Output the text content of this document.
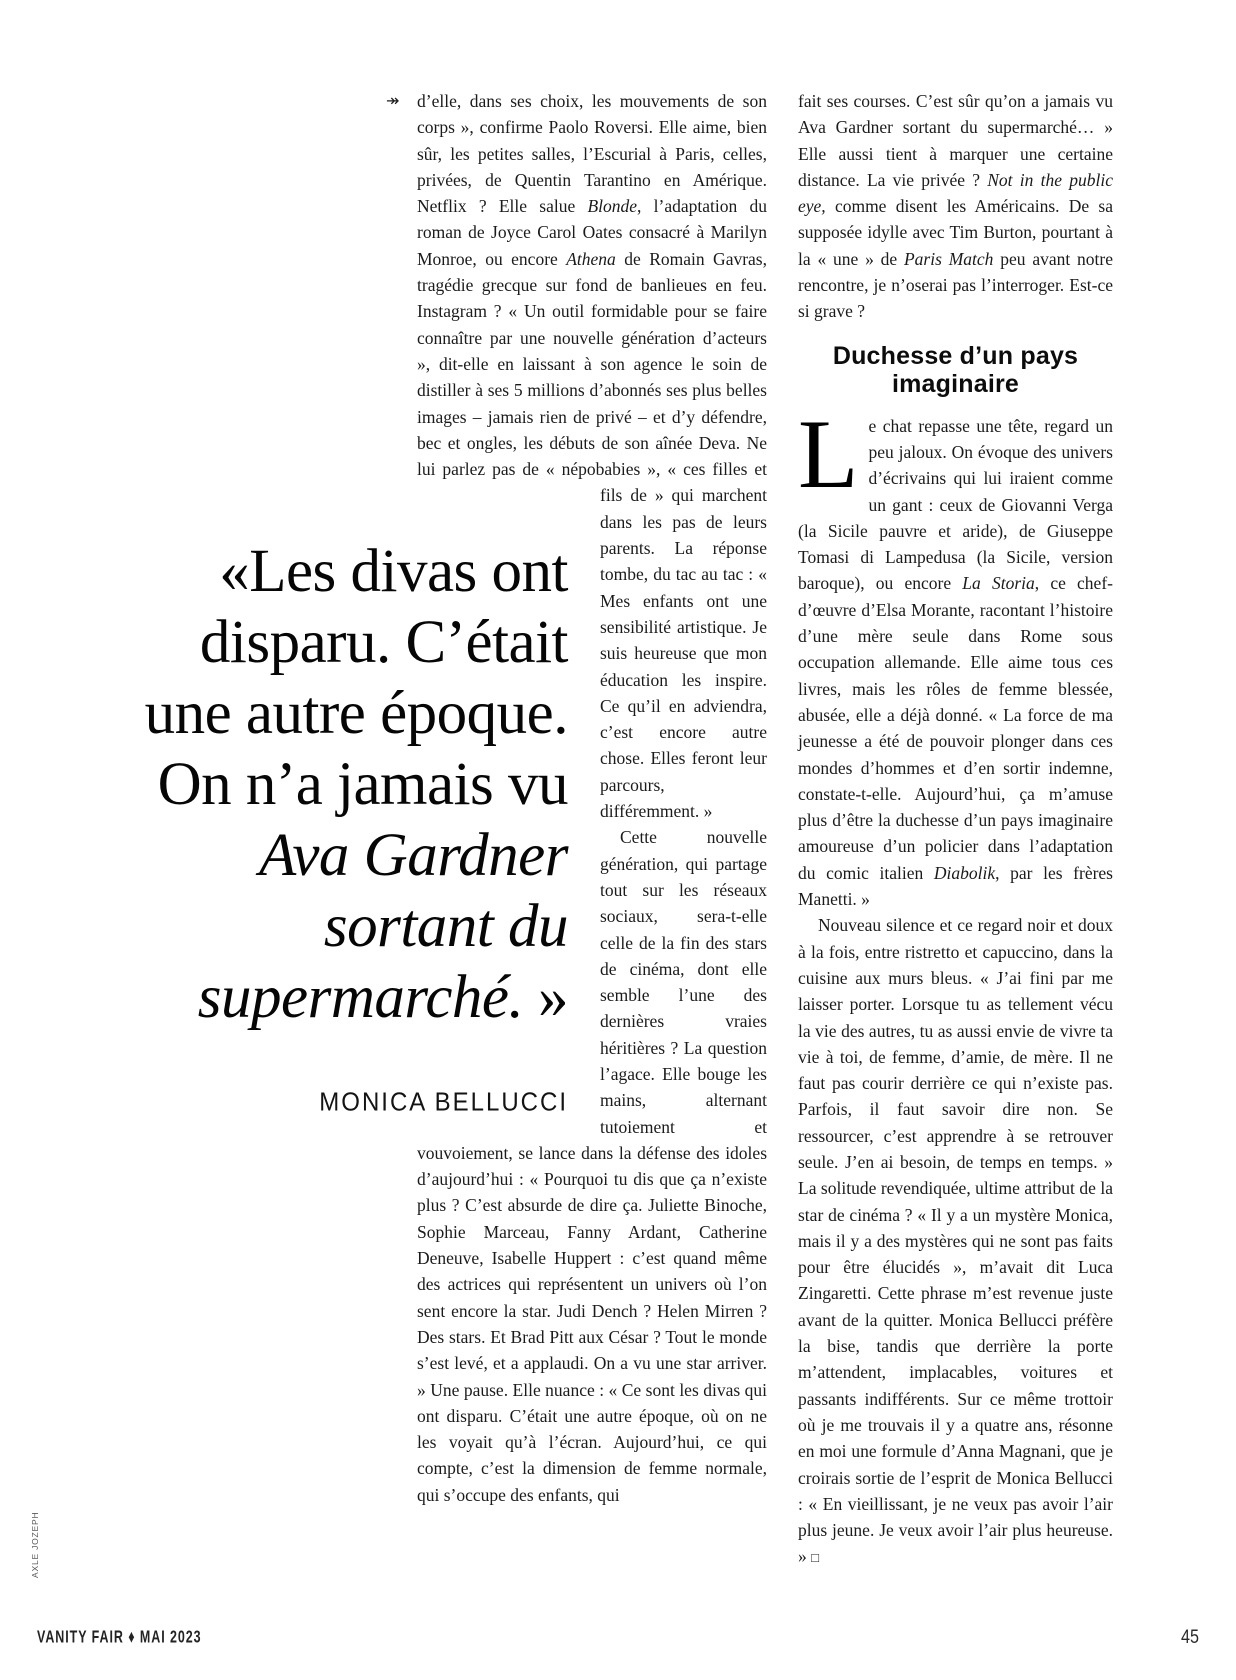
«Les divas ont
disparu. C’était
une autre époque.
On n’a jamais vu
Ava Gardner
sortant du
supermarché. »
MONICA BELLUCCI

↠ d’elle, dans ses choix, les mouvements de son corps », confirme Paolo Roversi. Elle aime, bien sûr, les petites salles, l’Escurial à Paris, celles, privées, de Quentin Tarantino en Amérique. Netflix ? Elle salue Blonde, l’adaptation du roman de Joyce Carol Oates consacré à Marilyn Monroe, ou encore Athena de Romain Gavras, tragédie grecque sur fond de banlieues en feu. Instagram ? « Un outil formidable pour se faire connaître par une nouvelle génération d’acteurs », dit-elle en laissant à son agence le soin de distiller à ses 5 millions d’abonnés ses plus belles images – jamais rien de privé – et d’y défendre, bec et ongles, les débuts de son aînée Deva. Ne lui parlez pas de « népobabies », « ces filles et
fils de » qui marchent dans les pas de leurs parents. La réponse tombe, du tac au tac : « Mes enfants ont une sensibilité artistique. Je suis heureuse que mon éducation les inspire. Ce qu’il en adviendra, c’est encore autre chose. Elles feront leur parcours, différemment. »

Cette nouvelle génération, qui partage tout sur les réseaux sociaux, sera-t-elle celle de la fin des stars de cinéma, dont elle semble l’une des dernières vraies héritières ? La question l’agace. Elle bouge les mains, alternant tutoiement et vouvoiement, se lance dans la défense des idoles d’aujourd’hui : « Pourquoi tu dis que ça n’existe plus ? C’est absurde de dire ça. Juliette Binoche, Sophie Marceau, Fanny Ardant, Catherine Deneuve, Isabelle Huppert : c’est quand même des actrices qui représentent un univers où l’on sent encore la star. Judi Dench ? Helen Mirren ? Des stars. Et Brad Pitt aux César ? Tout le monde s’est levé, et a applaudi. On a vu une star arriver. » Une pause. Elle nuance : « Ce sont les divas qui ont disparu. C’était une autre époque, où on ne les voyait qu’à l’écran. Aujourd’hui, ce qui compte, c’est la dimension de femme normale, qui s’occupe des enfants, qui

fait ses courses. C’est sûr qu’on a jamais vu Ava Gardner sortant du supermarché… » Elle aussi tient à marquer une certaine distance. La vie privée ? Not in the public eye, comme disent les Américains. De sa supposée idylle avec Tim Burton, pourtant à la « une » de Paris Match peu avant notre rencontre, je n’oserai pas l’interroger. Est-ce si grave ?

Duchesse d’un pays
imaginaire

Le chat repasse une tête, regard un peu jaloux. On évoque des univers d’écrivains qui lui iraient comme un gant : ceux de Giovanni Verga (la Sicile pauvre et aride), de Giuseppe Tomasi di Lampedusa (la Sicile, version baroque), ou encore La Storia, ce chef-d’œuvre d’Elsa Morante, racontant l’histoire d’une mère seule dans Rome sous occupation allemande. Elle aime tous ces livres, mais les rôles de femme blessée, abusée, elle a déjà donné. « La force de ma jeunesse a été de pouvoir plonger dans ces mondes d’hommes et d’en sortir indemne, constate-t-elle. Aujourd’hui, ça m’amuse plus d’être la duchesse d’un pays imaginaire amoureuse d’un policier dans l’adaptation du comic italien Diabolik, par les frères Manetti. »

Nouveau silence et ce regard noir et doux à la fois, entre ristretto et capuccino, dans la cuisine aux murs bleus. « J’ai fini par me laisser porter. Lorsque tu as tellement vécu la vie des autres, tu as aussi envie de vivre ta vie à toi, de femme, d’amie, de mère. Il ne faut pas courir derrière ce qui n’existe pas. Parfois, il faut savoir dire non. Se ressourcer, c’est apprendre à se retrouver seule. J’en ai besoin, de temps en temps. » La solitude revendiquée, ultime attribut de la star de cinéma ? « Il y a un mystère Monica, mais il y a des mystères qui ne sont pas faits pour être élucidés », m’avait dit Luca Zingaretti. Cette phrase m’est revenue juste avant de la quitter. Monica Bellucci préfère la bise, tandis que derrière la porte m’attendent, implacables, voitures et passants indifférents. Sur ce même trottoir où je me trouvais il y a quatre ans, résonne en moi une formule d’Anna Magnani, que je croirais sortie de l’esprit de Monica Bellucci : « En vieillissant, je ne veux pas avoir l’air plus jeune. Je veux avoir l’air plus heureuse. » □

AXLE JOZEPH
VANITY FAIR ♦ MAI 2023	45
